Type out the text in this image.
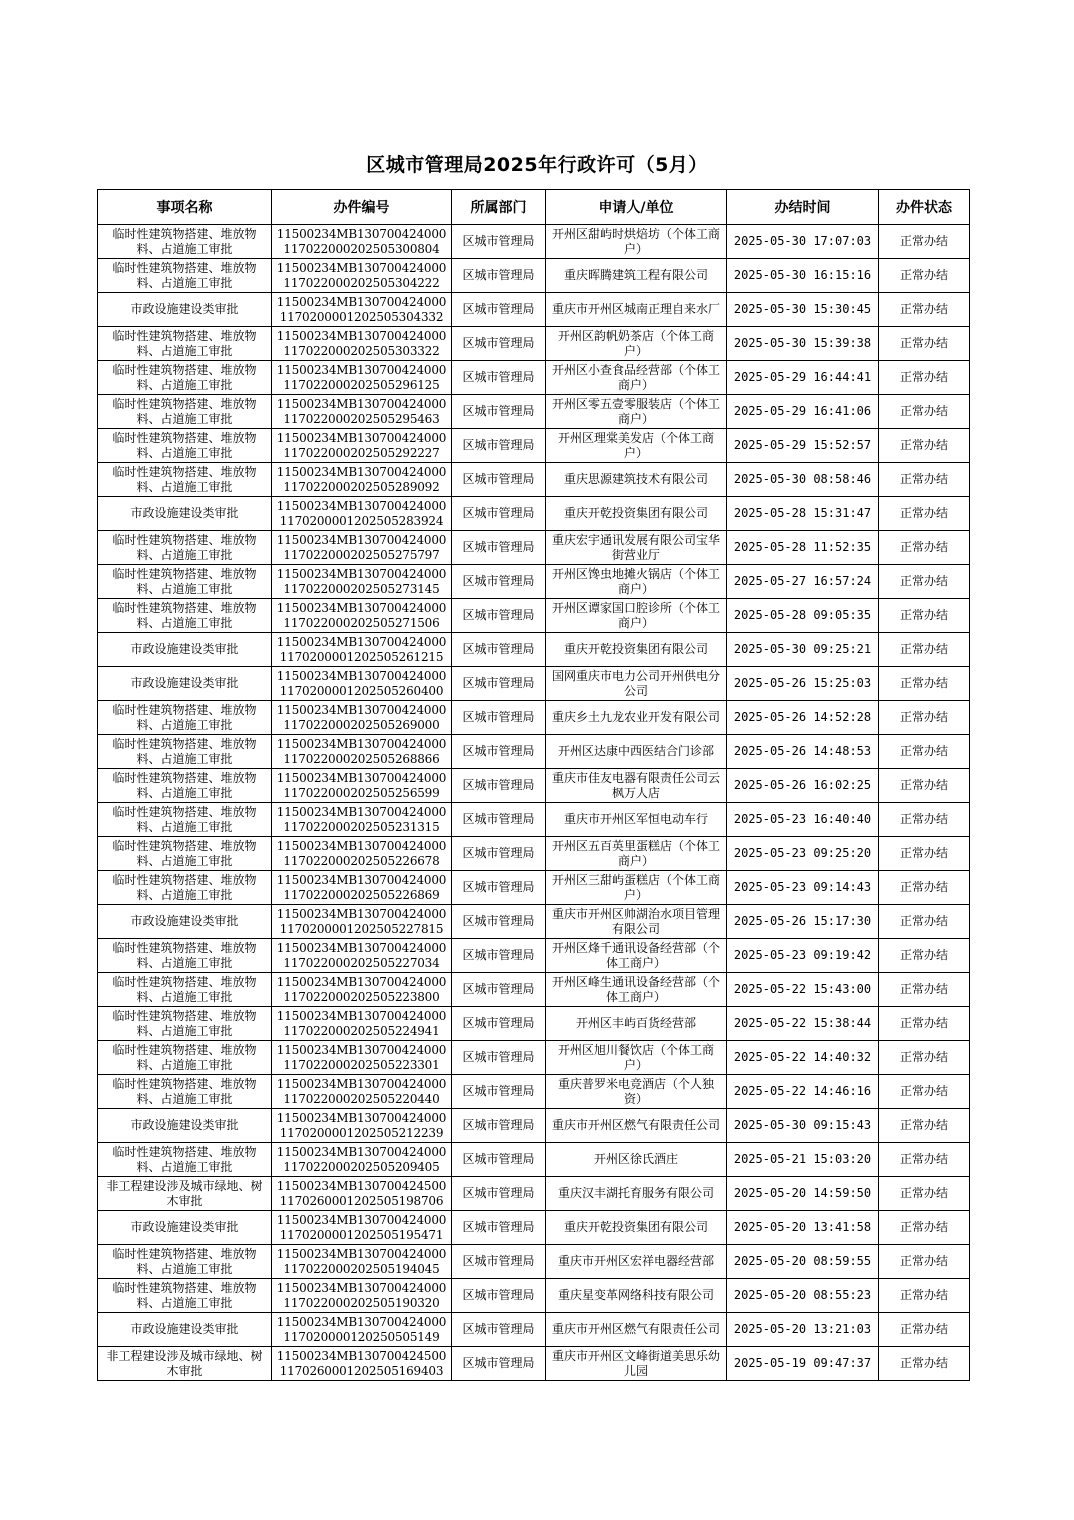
区城市管理局2025年行政许可（5月）
事项名称	办件编号	所属部门	申请人/单位	办结时间	办件状态
临时性建筑物搭建、堆放物料、占道施工审批	11500234MB130700424000117022000202505300804	区城市管理局	开州区甜屿时烘焙坊（个体工商户）	2025-05-30 17:07:03	正常办结
临时性建筑物搭建、堆放物料、占道施工审批	11500234MB130700424000117022000202505304222	区城市管理局	重庆晖腾建筑工程有限公司	2025-05-30 16:15:16	正常办结
市政设施建设类审批	11500234MB130700424000117020000120250530433​2	区城市管理局	重庆市开州区城南正理自来水厂	2025-05-30 15:30:45	正常办结
临时性建筑物搭建、堆放物料、占道施工审批	11500234MB130700424000117022000202505303322	区城市管理局	开州区韵帆奶茶店（个体工商户）	2025-05-30 15:39:38	正常办结
临时性建筑物搭建、堆放物料、占道施工审批	11500234MB130700424000117022000202505296125	区城市管理局	开州区小查食品经营部（个体工商户）	2025-05-29 16:44:41	正常办结
临时性建筑物搭建、堆放物料、占道施工审批	11500234MB130700424000117022000202505295463	区城市管理局	开州区零五壹零服装店（个体工商户）	2025-05-29 16:41:06	正常办结
临时性建筑物搭建、堆放物料、占道施工审批	11500234MB130700424000117022000202505292227	区城市管理局	开州区理棠美发店（个体工商户）	2025-05-29 15:52:57	正常办结
临时性建筑物搭建、堆放物料、占道施工审批	11500234MB130700424000117022000202505289092	区城市管理局	重庆思源建筑技术有限公司	2025-05-30 08:58:46	正常办结
市政设施建设类审批	11500234MB130700424000117020000120250528392​4	区城市管理局	重庆开乾投资集团有限公司	2025-05-28 15:31:47	正常办结
临时性建筑物搭建、堆放物料、占道施工审批	11500234MB130700424000117022000202505275797	区城市管理局	重庆宏宇通讯发展有限公司宝华街营业厅	2025-05-28 11:52:35	正常办结
临时性建筑物搭建、堆放物料、占道施工审批	11500234MB130700424000117022000202505273145	区城市管理局	开州区馋虫地摊火锅店（个体工商户）	2025-05-27 16:57:24	正常办结
临时性建筑物搭建、堆放物料、占道施工审批	11500234MB130700424000117022000202505271506	区城市管理局	开州区谭家国口腔诊所（个体工商户）	2025-05-28 09:05:35	正常办结
市政设施建设类审批	11500234MB130700424000117020000120250526121​5	区城市管理局	重庆开乾投资集团有限公司	2025-05-30 09:25:21	正常办结
市政设施建设类审批	11500234MB130700424000117020000120250526040​0	区城市管理局	国网重庆市电力公司开州供电分公司	2025-05-26 15:25:03	正常办结
临时性建筑物搭建、堆放物料、占道施工审批	11500234MB130700424000117022000202505269000	区城市管理局	重庆乡土九龙农业开发有限公司	2025-05-26 14:52:28	正常办结
临时性建筑物搭建、堆放物料、占道施工审批	11500234MB130700424000117022000202505268866	区城市管理局	开州区达康中西医结合门诊部	2025-05-26 14:48:53	正常办结
临时性建筑物搭建、堆放物料、占道施工审批	11500234MB130700424000117022000202505256599	区城市管理局	重庆市佳友电器有限责任公司云枫万人店	2025-05-26 16:02:25	正常办结
临时性建筑物搭建、堆放物料、占道施工审批	11500234MB130700424000117022000202505231315	区城市管理局	重庆市开州区军恒电动车行	2025-05-23 16:40:40	正常办结
临时性建筑物搭建、堆放物料、占道施工审批	11500234MB130700424000117022000202505226678	区城市管理局	开州区五百英里蛋糕店（个体工商户）	2025-05-23 09:25:20	正常办结
临时性建筑物搭建、堆放物料、占道施工审批	11500234MB130700424000117022000202505226869	区城市管理局	开州区三甜屿蛋糕店（个体工商户）	2025-05-23 09:14:43	正常办结
市政设施建设类审批	11500234MB130700424000117020000120250522781​5	区城市管理局	重庆市开州区帅湖治水项目管理有限公司	2025-05-26 15:17:30	正常办结
临时性建筑物搭建、堆放物料、占道施工审批	11500234MB130700424000117022000202505227034	区城市管理局	开州区烽千通讯设备经营部（个体工商户）	2025-05-23 09:19:42	正常办结
临时性建筑物搭建、堆放物料、占道施工审批	11500234MB130700424000117022000202505223800	区城市管理局	开州区峰生通讯设备经营部（个体工商户）	2025-05-22 15:43:00	正常办结
临时性建筑物搭建、堆放物料、占道施工审批	11500234MB130700424000117022000202505224941	区城市管理局	开州区丰屿百货经营部	2025-05-22 15:38:44	正常办结
临时性建筑物搭建、堆放物料、占道施工审批	11500234MB130700424000117022000202505223301	区城市管理局	开州区旭川餐饮店（个体工商户）	2025-05-22 14:40:32	正常办结
临时性建筑物搭建、堆放物料、占道施工审批	11500234MB130700424000117022000202505220440	区城市管理局	重庆普罗米电竞酒店（个人独资）	2025-05-22 14:46:16	正常办结
市政设施建设类审批	11500234MB130700424000117020000120250521223​9	区城市管理局	重庆市开州区燃气有限责任公司	2025-05-30 09:15:43	正常办结
临时性建筑物搭建、堆放物料、占道施工审批	11500234MB130700424000117022000202505209405	区城市管理局	开州区徐氏酒庄	2025-05-21 15:03:20	正常办结
非工程建设涉及城市绿地、树木审批	11500234MB130700424500117026000120250519870​6	区城市管理局	重庆汉丰湖托育服务有限公司	2025-05-20 14:59:50	正常办结
市政设施建设类审批	11500234MB130700424000117020000120250519547​1	区城市管理局	重庆开乾投资集团有限公司	2025-05-20 13:41:58	正常办结
临时性建筑物搭建、堆放物料、占道施工审批	11500234MB130700424000117022000202505194045	区城市管理局	重庆市开州区宏祥电器经营部	2025-05-20 08:59:55	正常办结
临时性建筑物搭建、堆放物料、占道施工审批	11500234MB130700424000117022000202505190320	区城市管理局	重庆星变革网络科技有限公司	2025-05-20 08:55:23	正常办结
市政设施建设类审批	11500234MB130700424000117020000120250505149	区城市管理局	重庆市开州区燃气有限责任公司	2025-05-20 13:21:03	正常办结
非工程建设涉及城市绿地、树木审批	11500234MB130700424500117026000120250516940​3	区城市管理局	重庆市开州区文峰街道美思乐幼儿园	2025-05-19 09:47:37	正常办结
